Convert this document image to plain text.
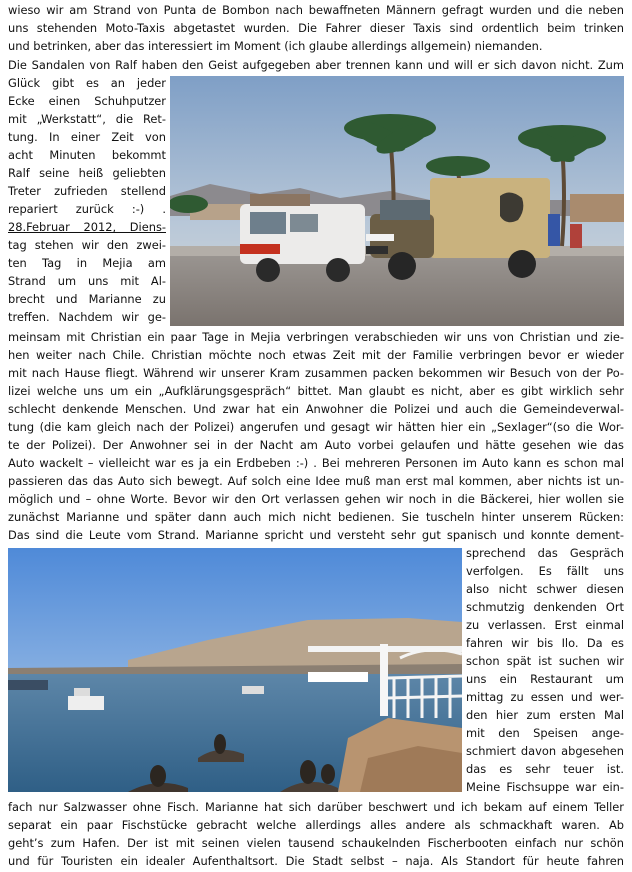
wieso wir am Strand von Punta de Bombon nach bewaffneten Männern gefragt wurden und die neben
uns stehenden Moto-Taxis abgetastet wurden. Die Fahrer dieser Taxis sind ordentlich beim trinken
und betrinken, aber das interessiert im Moment (ich glaube allerdings allgemein) niemanden.
Die Sandalen von Ralf haben den Geist aufgegeben aber trennen kann und will er sich davon nicht. Zum
Glück gibt es an jeder
Ecke einen Schuhputzer
mit „Werkstatt“, die Ret-
tung. In einer Zeit von
acht Minuten bekommt
Ralf seine heiß geliebten
Treter zufrieden stellend
repariert zurück :-) .
28.Februar 2012, Diens-
tag stehen wir den zwei-
ten Tag in Mejia am
Strand um uns mit Al-
brecht und Marianne zu
treffen. Nachdem wir ge-
meinsam mit Christian ein paar Tage in Mejia verbringen verabschieden wir uns von Christian und zie-
hen weiter nach Chile. Christian möchte noch etwas Zeit mit der Familie verbringen bevor er wieder
mit nach Hause fliegt. Während wir unserer Kram zusammen packen bekommen wir Besuch von der Po-
lizei welche uns um ein „Aufklärungsgespräch“ bittet. Man glaubt es nicht, aber es gibt wirklich sehr
schlecht denkende Menschen. Und zwar hat ein Anwohner die Polizei und auch die Gemeindeverwal-
tung (die kam gleich nach der Polizei) angerufen und gesagt wir hätten hier ein „Sexlager“(so die Wor-
te der Polizei). Der Anwohner sei in der Nacht am Auto vorbei gelaufen und hätte gesehen wie das
Auto wackelt – vielleicht war es ja ein Erdbeben :-) . Bei mehreren Personen im Auto kann es schon mal
passieren das das Auto sich bewegt. Auf solch eine Idee muß man erst mal kommen, aber nichts ist un-
möglich und – ohne Worte. Bevor wir den Ort verlassen gehen wir noch in die Bäckerei, hier wollen sie
zunächst Marianne und später dann auch mich nicht bedienen. Sie tuscheln hinter unserem Rücken:
Das sind die Leute vom Strand. Marianne spricht und versteht sehr gut spanisch und konnte dement-
sprechend das Gespräch
verfolgen. Es fällt uns
also nicht schwer diesen
schmutzig denkenden Ort
zu verlassen. Erst einmal
fahren wir bis Ilo. Da es
schon spät ist suchen wir
uns ein Restaurant um
mittag zu essen und wer-
den hier zum ersten Mal
mit den Speisen ange-
schmiert davon abgesehen
das es sehr teuer ist.
Meine Fischsuppe war ein-
fach nur Salzwasser ohne Fisch. Marianne hat sich darüber beschwert und ich bekam auf einem Teller
separat ein paar Fischstücke gebracht welche allerdings alles andere als schmackhaft waren. Ab
geht’s zum Hafen. Der ist mit seinen vielen tausend schaukelnden Fischerbooten einfach nur schön
und für Touristen ein idealer Aufenthaltsort. Die Stadt selbst – naja. Als Standort für heute fahren
